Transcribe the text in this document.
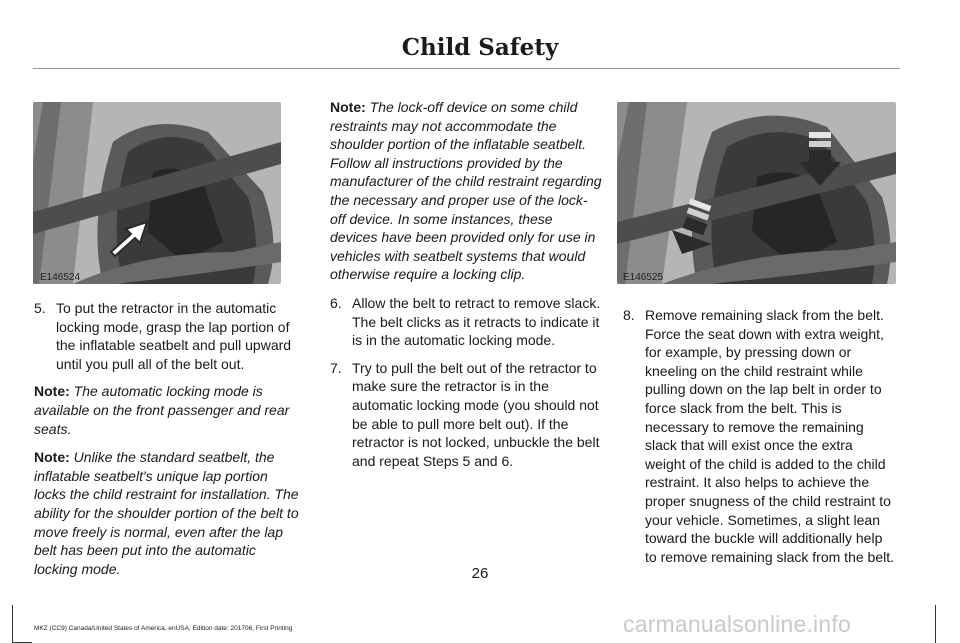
Child Safety
E146524	E146525
5. To put the retractor in the automatic locking mode, grasp the lap portion of the inflatable seatbelt and pull upward until you pull all of the belt out.

Note: The automatic locking mode is available on the front passenger and rear seats.

Note: Unlike the standard seatbelt, the inflatable seatbelt's unique lap portion locks the child restraint for installation. The ability for the shoulder portion of the belt to move freely is normal, even after the lap belt has been put into the automatic locking mode.

Note: The lock-off device on some child restraints may not accommodate the shoulder portion of the inflatable seatbelt. Follow all instructions provided by the manufacturer of the child restraint regarding the necessary and proper use of the lock-off device. In some instances, these devices have been provided only for use in vehicles with seatbelt systems that would otherwise require a locking clip.

6. Allow the belt to retract to remove slack. The belt clicks as it retracts to indicate it is in the automatic locking mode.
7. Try to pull the belt out of the retractor to make sure the retractor is in the automatic locking mode (you should not be able to pull more belt out). If the retractor is not locked, unbuckle the belt and repeat Steps 5 and 6.
8. Remove remaining slack from the belt. Force the seat down with extra weight, for example, by pressing down or kneeling on the child restraint while pulling down on the lap belt in order to force slack from the belt. This is necessary to remove the remaining slack that will exist once the extra weight of the child is added to the child restraint. It also helps to achieve the proper snugness of the child restraint to your vehicle. Sometimes, a slight lean toward the buckle will additionally help to remove remaining slack from the belt.
26
MKZ (CC9) Canada/United States of America, enUSA, Edition date: 201706, First Printing	carmanualsonline.info
